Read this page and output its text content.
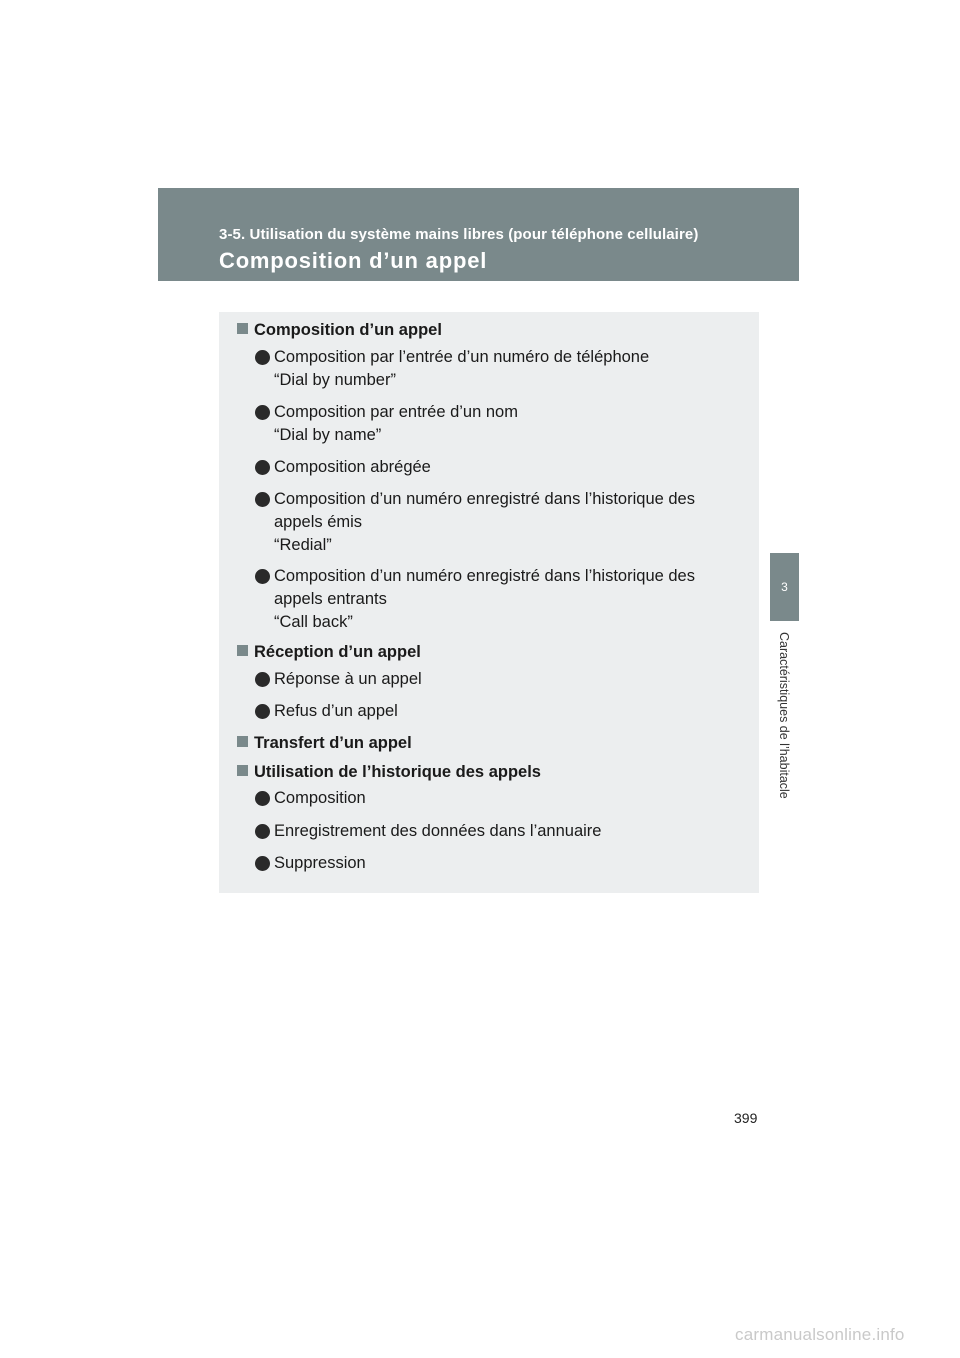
3-5. Utilisation du système mains libres (pour téléphone cellulaire)
Composition d’un appel
3
Caractéristiques de l’habitacle
Composition d’un appel
Composition par l’entrée d’un numéro de téléphone
“Dial by number”
Composition par entrée d’un nom
“Dial by name”
Composition abrégée
Composition d’un numéro enregistré dans l’historique des appels émis
“Redial”
Composition d’un numéro enregistré dans l’historique des appels entrants
“Call back”
Réception d’un appel
Réponse à un appel
Refus d’un appel
Transfert d’un appel
Utilisation de l’historique des appels
Composition
Enregistrement des données dans l’annuaire
Suppression
399
carmanualsonline.info
